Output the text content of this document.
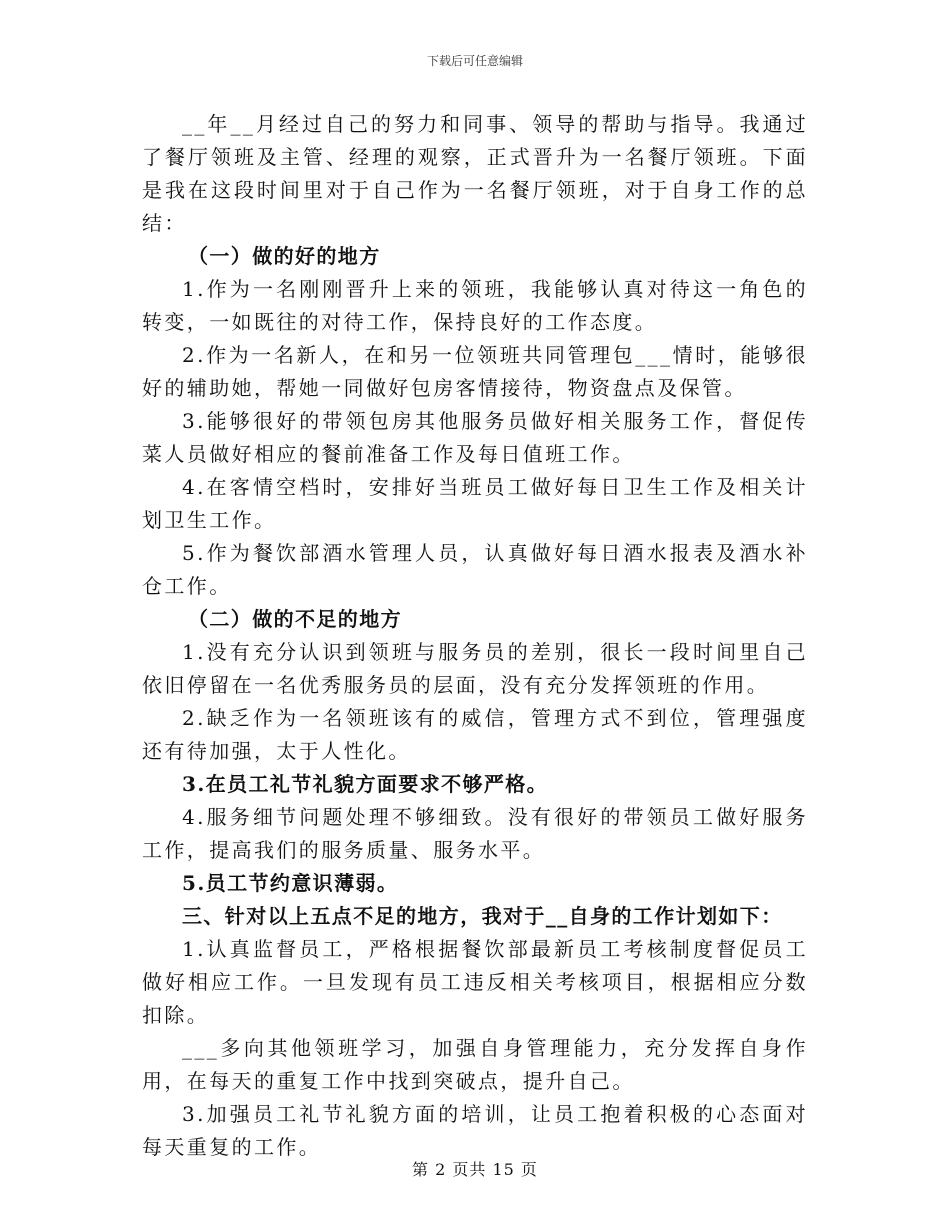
下载后可任意编辑

__年__月经过自己的努力和同事、领导的帮助与指导。我通过了餐厅领班及主管、经理的观察，正式晋升为一名餐厅领班。下面是我在这段时间里对于自己作为一名餐厅领班，对于自身工作的总结：

（一）做的好的地方

1.作为一名刚刚晋升上来的领班，我能够认真对待这一角色的转变，一如既往的对待工作，保持良好的工作态度。

2.作为一名新人，在和另一位领班共同管理包___情时，能够很好的辅助她，帮她一同做好包房客情接待，物资盘点及保管。

3.能够很好的带领包房其他服务员做好相关服务工作，督促传菜人员做好相应的餐前准备工作及每日值班工作。

4.在客情空档时，安排好当班员工做好每日卫生工作及相关计划卫生工作。

5.作为餐饮部酒水管理人员，认真做好每日酒水报表及酒水补仓工作。

（二）做的不足的地方

1.没有充分认识到领班与服务员的差别，很长一段时间里自己依旧停留在一名优秀服务员的层面，没有充分发挥领班的作用。

2.缺乏作为一名领班该有的威信，管理方式不到位，管理强度还有待加强，太于人性化。

3.在员工礼节礼貌方面要求不够严格。

4.服务细节问题处理不够细致。没有很好的带领员工做好服务工作，提高我们的服务质量、服务水平。

5.员工节约意识薄弱。

三、针对以上五点不足的地方，我对于__自身的工作计划如下：

1.认真监督员工，严格根据餐饮部最新员工考核制度督促员工做好相应工作。一旦发现有员工违反相关考核项目，根据相应分数扣除。

___多向其他领班学习，加强自身管理能力，充分发挥自身作用，在每天的重复工作中找到突破点，提升自己。

3.加强员工礼节礼貌方面的培训，让员工抱着积极的心态面对每天重复的工作。

第 2 页共 15 页
